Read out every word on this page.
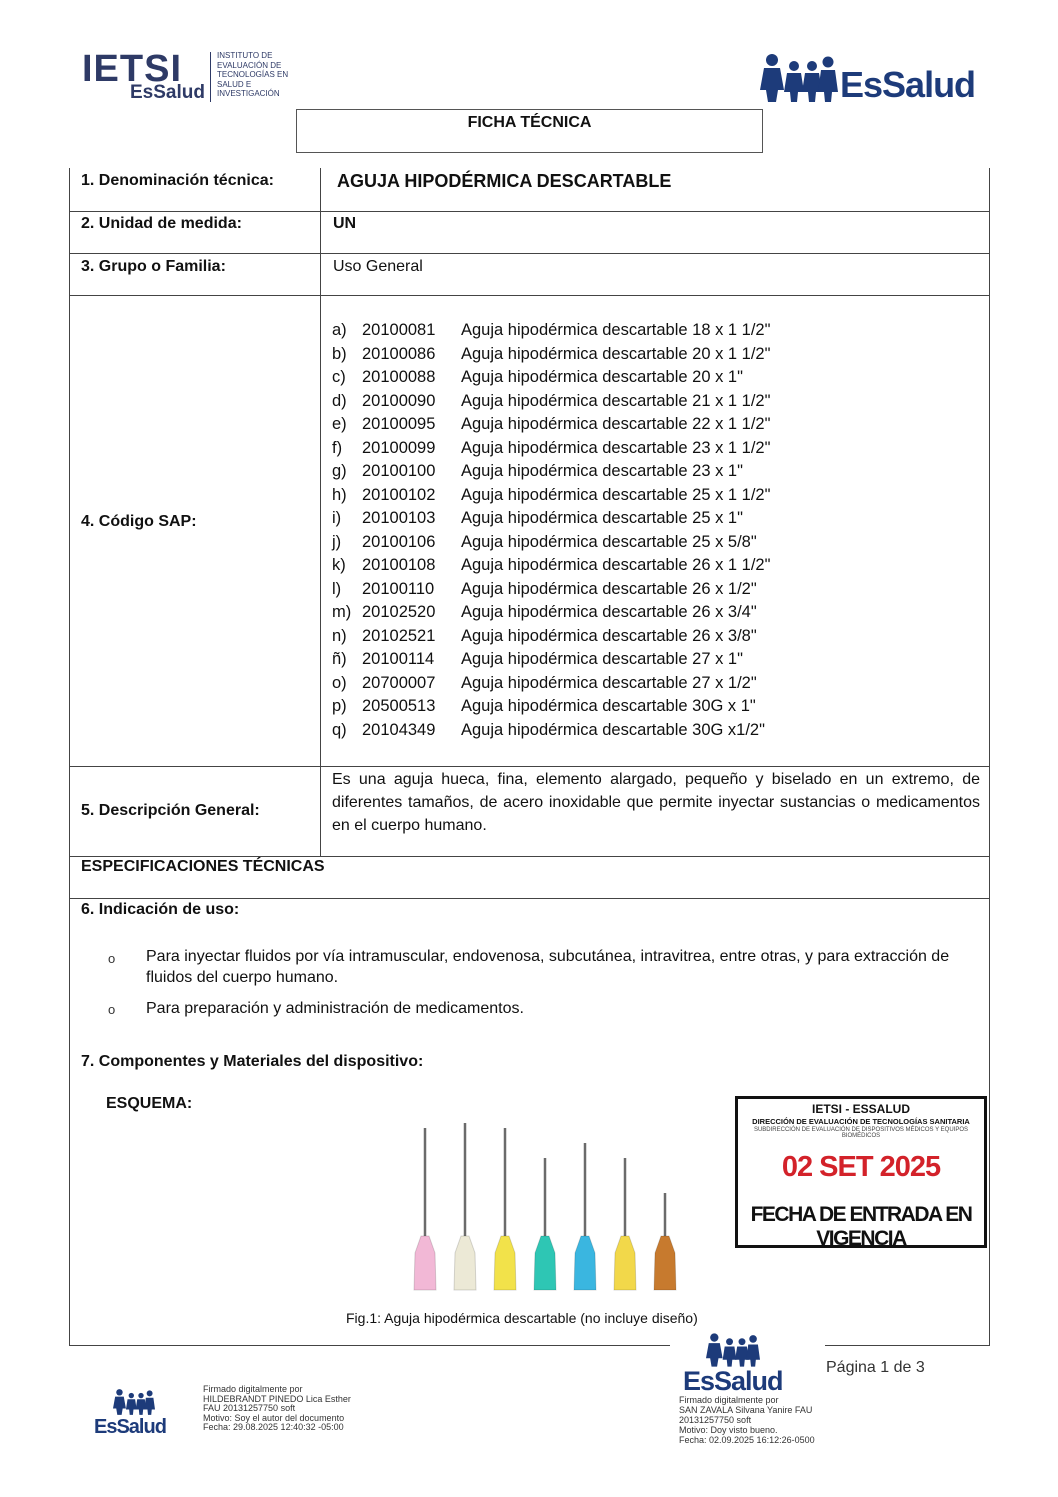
IETSI
EsSalud
INSTITUTO DE EVALUACIÓN DE TECNOLOGÍAS EN SALUD E INVESTIGACIÓN	EsSalud
FICHA TÉCNICA
1. Denominación técnica:	AGUJA HIPODÉRMICA DESCARTABLE
2. Unidad de medida:	UN
3. Grupo o Familia:	Uso General
4. Código SAP:
a) 20100081 Aguja hipodérmica descartable 18 x 1 1/2"
b) 20100086 Aguja hipodérmica descartable 20 x 1 1/2"
c) 20100088 Aguja hipodérmica descartable 20 x 1"
d) 20100090 Aguja hipodérmica descartable 21 x 1 1/2"
e) 20100095 Aguja hipodérmica descartable 22 x 1 1/2"
f) 20100099 Aguja hipodérmica descartable 23 x 1 1/2"
g) 20100100 Aguja hipodérmica descartable 23 x 1"
h) 20100102 Aguja hipodérmica descartable 25 x 1 1/2"
i) 20100103 Aguja hipodérmica descartable 25 x 1"
j) 20100106 Aguja hipodérmica descartable 25 x 5/8"
k) 20100108 Aguja hipodérmica descartable 26 x 1 1/2"
l) 20100110 Aguja hipodérmica descartable 26 x 1/2"
m) 20102520 Aguja hipodérmica descartable 26 x 3/4"
n) 20102521 Aguja hipodérmica descartable 26 x 3/8"
ñ) 20100114 Aguja hipodérmica descartable 27 x 1"
o) 20700007 Aguja hipodérmica descartable 27 x 1/2"
p) 20500513 Aguja hipodérmica descartable 30G x 1"
q) 20104349 Aguja hipodérmica descartable 30G x1/2"
5. Descripción General:
Es una aguja hueca, fina, elemento alargado, pequeño y biselado en un extremo, de diferentes tamaños, de acero inoxidable que permite inyectar sustancias o medicamentos en el cuerpo humano.
ESPECIFICACIONES TÉCNICAS
6. Indicación de uso:
o Para inyectar fluidos por vía intramuscular, endovenosa, subcutánea, intravitrea, entre otras, y para extracción de fluidos del cuerpo humano.
o Para preparación y administración de medicamentos.
7. Componentes y Materiales del dispositivo:
ESQUEMA:	IETSI - ESSALUD
DIRECCIÓN DE EVALUACIÓN DE TECNOLOGÍAS SANITARIA
SUBDIRECCIÓN DE EVALUACIÓN DE DISPOSITIVOS MÉDICOS Y EQUIPOS BIOMÉDICOS
02 SET 2025
FECHA DE ENTRADA EN VIGENCIA
Fig.1: Aguja hipodérmica descartable (no incluye diseño)
EsSalud
Firmado digitalmente por
HILDEBRANDT PINEDO Lica Esther
FAU 20131257750 soft
Motivo: Soy el autor del documento
Fecha: 29.08.2025 12:40:32 -05:00
EsSalud
Firmado digitalmente por
SAN ZAVALA Silvana Yanire FAU
20131257750 soft
Motivo: Doy visto bueno.
Fecha: 02.09.2025 16:12:26-0500
Página 1 de 3
